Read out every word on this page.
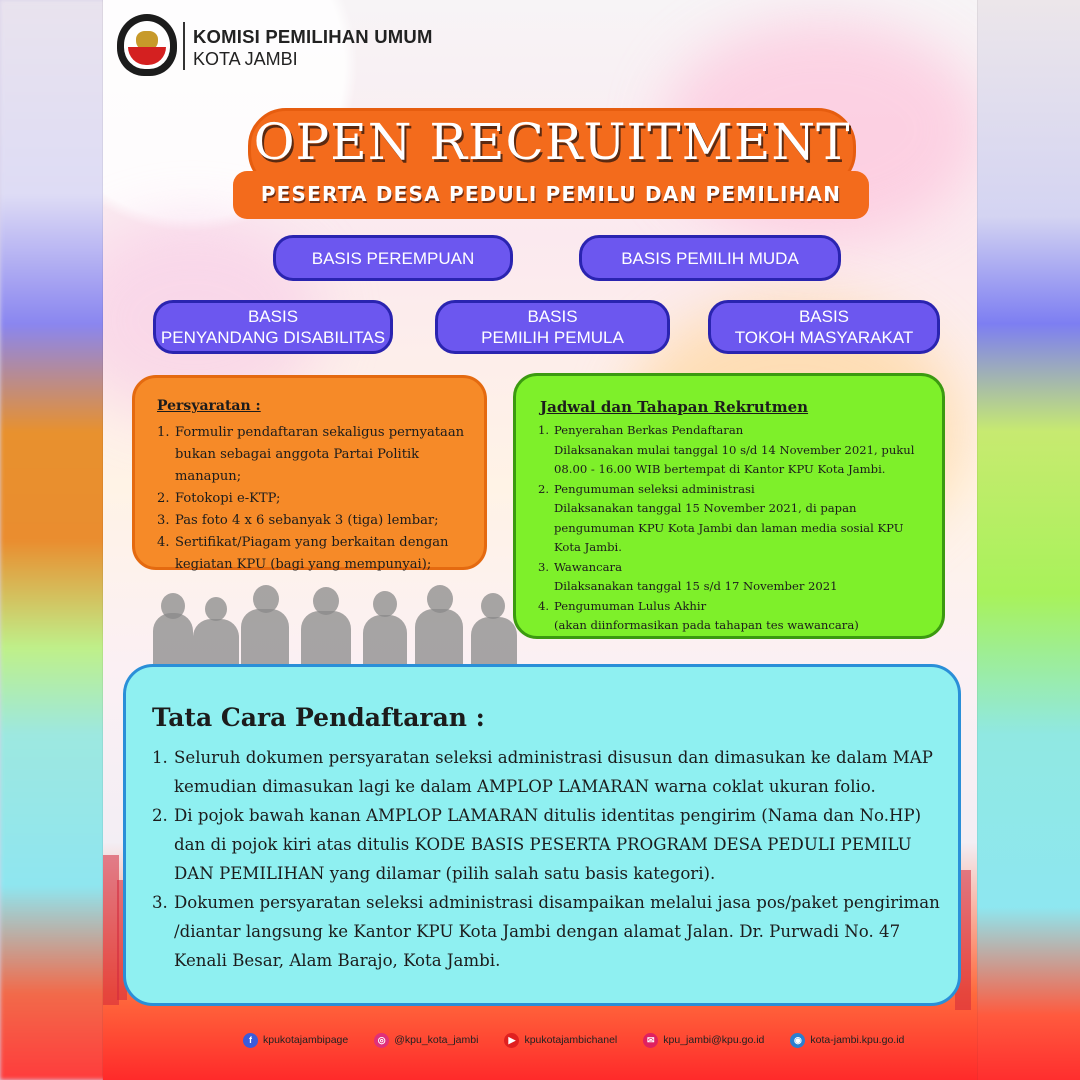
KOMISI PEMILIHAN UMUM
KOTA JAMBI
OPEN RECRUITMENT
PESERTA DESA PEDULI PEMILU DAN PEMILIHAN
BASIS PEREMPUAN	BASIS PEMILIH MUDA
BASIS
PENYANDANG DISABILITAS
BASIS
PEMILIH PEMULA
BASIS
TOKOH MASYARAKAT
Persyaratan :
1. Formulir pendaftaran sekaligus pernyataan bukan sebagai anggota Partai Politik manapun;
2. Fotokopi e-KTP;
3. Pas foto 4 x 6 sebanyak 3 (tiga) lembar;
4. Sertifikat/Piagam yang berkaitan dengan kegiatan KPU (bagi yang mempunyai);
Jadwal dan Tahapan Rekrutmen
1. Penyerahan Berkas Pendaftaran
Dilaksanakan mulai tanggal 10 s/d 14 November 2021, pukul 08.00 - 16.00 WIB bertempat di Kantor KPU Kota Jambi.
2. Pengumuman seleksi administrasi
Dilaksanakan tanggal 15 November 2021, di papan pengumuman KPU Kota Jambi dan laman media sosial KPU Kota Jambi.
3. Wawancara
Dilaksanakan tanggal 15 s/d 17 November 2021
4. Pengumuman Lulus Akhir
(akan diinformasikan pada tahapan tes wawancara)
Tata Cara Pendaftaran :
1. Seluruh dokumen persyaratan seleksi administrasi disusun dan dimasukan ke dalam MAP kemudian dimasukan lagi ke dalam AMPLOP LAMARAN warna coklat ukuran folio.
2. Di pojok bawah kanan AMPLOP LAMARAN ditulis identitas pengirim (Nama dan No.HP) dan di pojok kiri atas ditulis KODE BASIS PESERTA PROGRAM DESA PEDULI PEMILU DAN PEMILIHAN yang dilamar (pilih salah satu basis kategori).
3. Dokumen persyaratan seleksi administrasi disampaikan melalui jasa pos/paket pengiriman /diantar langsung ke Kantor KPU Kota Jambi dengan alamat Jalan. Dr. Purwadi No. 47 Kenali Besar, Alam Barajo, Kota Jambi.
f	kpukotajambipage	◎ @kpu_kota_jambi	▶ kpukotajambichanel	✉ kpu_jambi@kpu.go.id	◉ kota-jambi.kpu.go.id
